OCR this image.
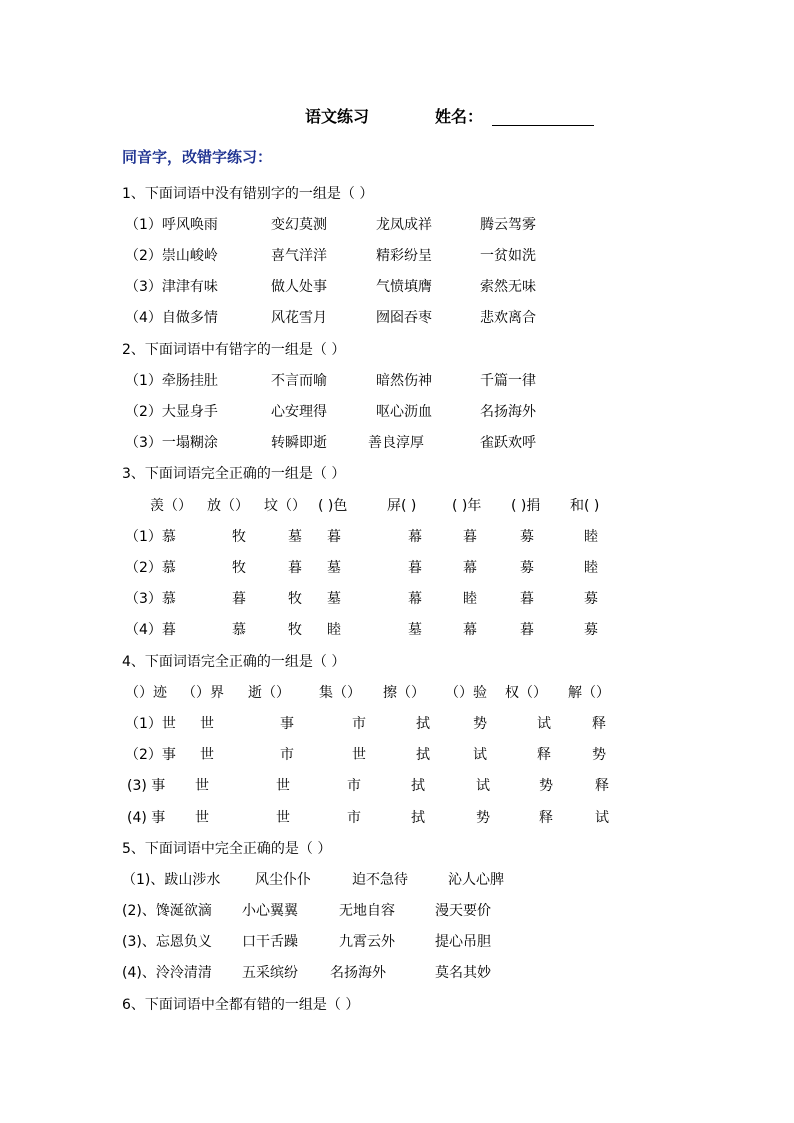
语文练习	姓名：
同音字，改错字练习：
1、下面词语中没有错别字的一组是（ ）
（1）呼风唤雨	变幻莫测	龙凤成祥	腾云驾雾
（2）崇山峻岭	喜气洋洋	精彩纷呈	一贫如洗
（3）津津有味	做人处事	气愤填膺	索然无味
（4）自做多情	风花雪月	囫囵吞枣	悲欢离合
2、下面词语中有错字的一组是（ ）
（1）牵肠挂肚	不言而喻	暗然伤神	千篇一律
（2）大显身手	心安理得	呕心沥血	名扬海外
（3）一塌糊涂	转瞬即逝	善良淳厚	雀跃欢呼
3、下面词语完全正确的一组是（ ）
羡（） 放（） 坟（） ( )色	屏( )	( )年 ( )捐 和( )
（1）慕	牧	墓 暮	幕	暮	募	睦
（2）慕	牧	暮 墓	暮	幕	募	睦
（3）慕	暮	牧 墓	幕	睦	暮	募
（4）暮	慕	牧 睦	墓	幕	暮	募
4、下面词语完全正确的一组是（ ）
（）迹 （）界 逝（） 集（） 擦（） （）验 权（） 解（）
（1）世 世	事	市	拭	势	试	释
（2）事 世	市	世	拭	试	释	势
(3) 事 世	世	市	拭	试	势	释
(4) 事 世	世	市	拭	势	释	试
5、下面词语中完全正确的是（ ）
（1)、跋山涉水 风尘仆仆	迫不急待	沁人心脾
(2)、馋涎欲滴 小心翼翼	无地自容	漫天要价
(3)、忘恩负义 口干舌躁	九霄云外	提心吊胆
(4)、泠泠清清 五采缤纷 名扬海外	莫名其妙
6、下面词语中全都有错的一组是（ ）
